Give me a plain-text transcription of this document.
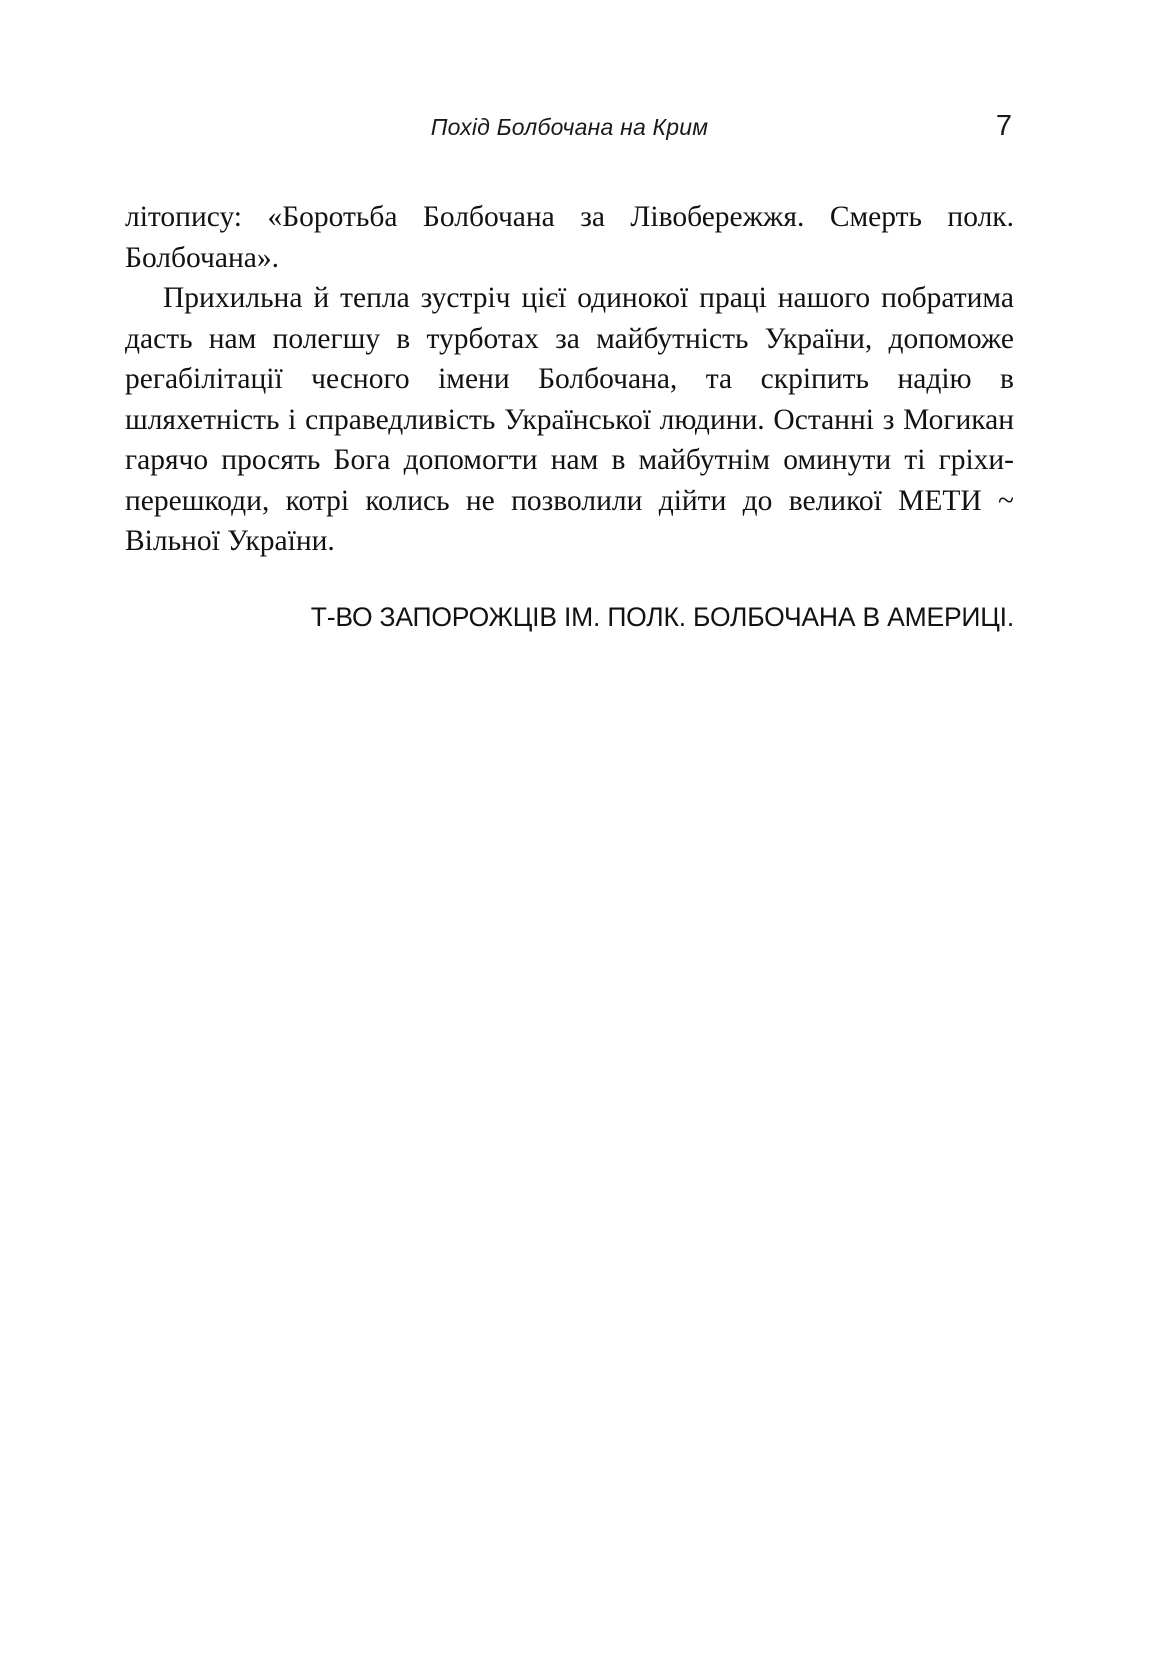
Похід Болбочана на Крим	7

літопису: «Боротьба Болбочана за Лівобережжя. Смерть полк. Болбочана».

Прихильна й тепла зустріч цієї одинокої праці нашого побратима дасть нам полегшу в турботах за майбутність України, допоможе регабілітації чесного імени Болбочана, та скріпить надію в шляхетність і справедливість Української людини. Останні з Могикан гарячо просять Бога допомогти нам в майбутнім оминути ті гріхи-перешкоди, котрі колись не позволили дійти до великої МЕТИ ~ Вільної України.

Т-ВО ЗАПОРОЖЦІВ ІМ. ПОЛК. БОЛБОЧАНА В АМЕРИЦІ.
